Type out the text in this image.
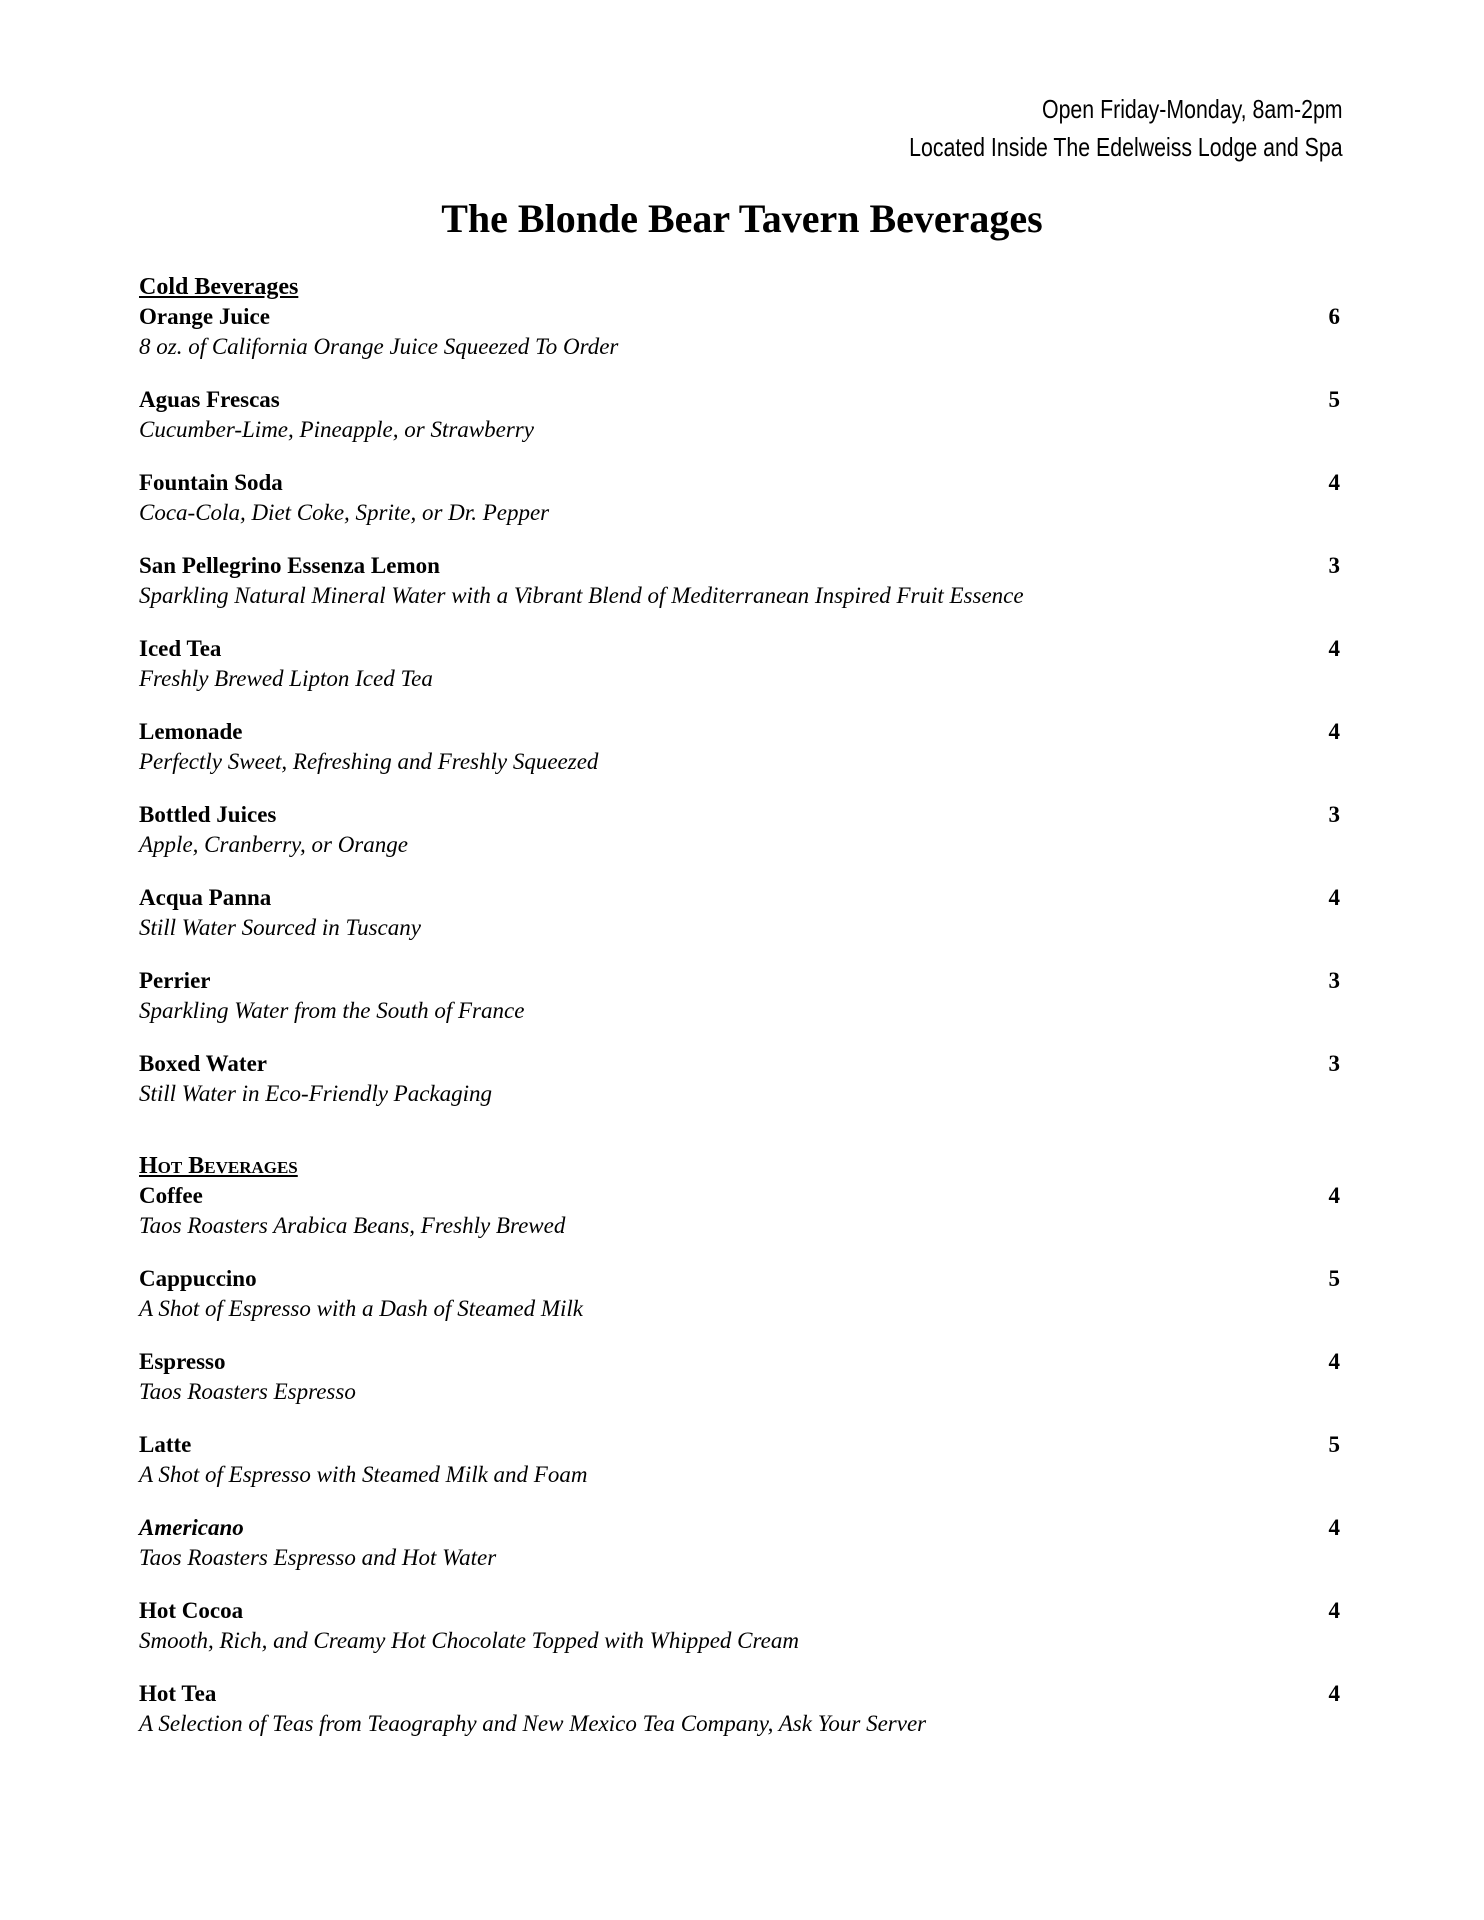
Open Friday-Monday, 8am-2pm
Located Inside The Edelweiss Lodge and Spa
The Blonde Bear Tavern Beverages
Cold Beverages
Orange Juice	6
8 oz. of California Orange Juice Squeezed To Order
Aguas Frescas	5
Cucumber-Lime, Pineapple, or Strawberry
Fountain Soda	4
Coca-Cola, Diet Coke, Sprite, or Dr. Pepper
San Pellegrino Essenza Lemon	3
Sparkling Natural Mineral Water with a Vibrant Blend of Mediterranean Inspired Fruit Essence
Iced Tea	4
Freshly Brewed Lipton Iced Tea
Lemonade	4
Perfectly Sweet, Refreshing and Freshly Squeezed
Bottled Juices	3
Apple, Cranberry, or Orange
Acqua Panna	4
Still Water Sourced in Tuscany
Perrier	3
Sparkling Water from the South of France
Boxed Water	3
Still Water in Eco-Friendly Packaging
Hot Beverages
Coffee	4
Taos Roasters Arabica Beans, Freshly Brewed
Cappuccino	5
A Shot of Espresso with a Dash of Steamed Milk
Espresso	4
Taos Roasters Espresso
Latte	5
A Shot of Espresso with Steamed Milk and Foam
Americano	4
Taos Roasters Espresso and Hot Water
Hot Cocoa	4
Smooth, Rich, and Creamy Hot Chocolate Topped with Whipped Cream
Hot Tea	4
A Selection of Teas from Teaography and New Mexico Tea Company, Ask Your Server
